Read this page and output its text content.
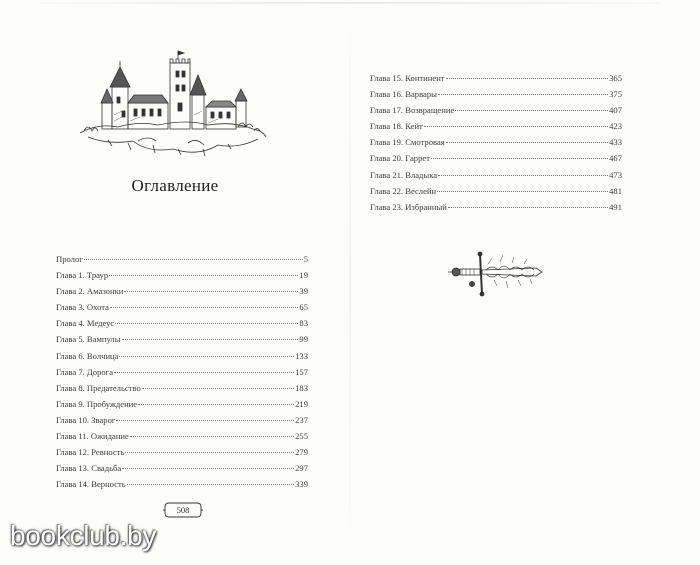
Оглавление
Пролог	5
Глава 1. Траур	19
Глава 2. Амазонки	39
Глава 3. Охота	65
Глава 4. Медеус	83
Глава 5. Вампулы	99
Глава 6. Волчица	133
Глава 7. Дорога	157
Глава 8. Предательство	183
Глава 9. Пробуждение	219
Глава 10. Зварог	237
Глава 11. Ожидание	255
Глава 12. Ревность	279
Глава 13. Свадьба	297
Глава 14. Верность	339
Глава 15. Континент	365
Глава 16. Варвары	375
Глава 17. Возвращение	407
Глава 18. Кейт	423
Глава 19. Смотровая	433
Глава 20. Гаррет	467
Глава 21. Владыка	473
Глава 22. Веслейн	481
Глава 23. Избранный	491
508
bookclub.by
